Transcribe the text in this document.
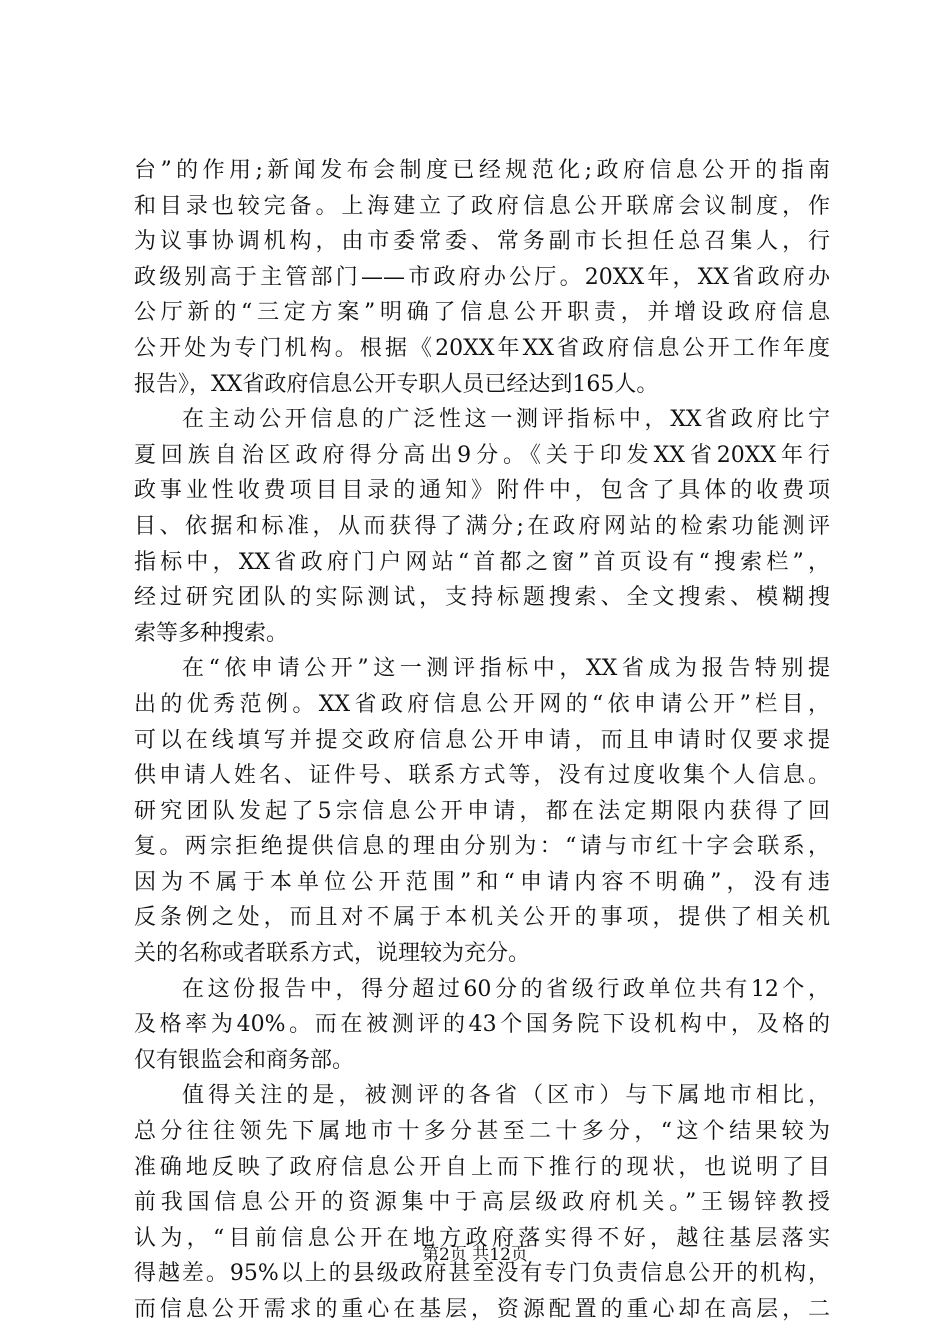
台”的作用;新闻发布会制度已经规范化;政府信息公开的指南
和目录也较完备。上海建立了政府信息公开联席会议制度，作
为议事协调机构，由市委常委、常务副市长担任总召集人，行
政级别高于主管部门——市政府办公厅。20XX年，XX省政府办
公厅新的“三定方案”明确了信息公开职责，并增设政府信息
公开处为专门机构。根据《20XX年XX省政府信息公开工作年度
报告》，XX省政府信息公开专职人员已经达到165人。
在主动公开信息的广泛性这一测评指标中，XX省政府比宁
夏回族自治区政府得分高出9分。《关于印发XX省20XX年行
政事业性收费项目目录的通知》附件中，包含了具体的收费项
目、依据和标准，从而获得了满分;在政府网站的检索功能测评
指标中，XX省政府门户网站“首都之窗”首页设有“搜索栏”，
经过研究团队的实际测试，支持标题搜索、全文搜索、模糊搜
索等多种搜索。
在“依申请公开”这一测评指标中，XX省成为报告特别提
出的优秀范例。XX省政府信息公开网的“依申请公开”栏目，
可以在线填写并提交政府信息公开申请，而且申请时仅要求提
供申请人姓名、证件号、联系方式等，没有过度收集个人信息。
研究团队发起了5宗信息公开申请，都在法定期限内获得了回
复。两宗拒绝提供信息的理由分别为：“请与市红十字会联系，
因为不属于本单位公开范围”和“申请内容不明确”，没有违
反条例之处，而且对不属于本机关公开的事项，提供了相关机
关的名称或者联系方式，说理较为充分。
在这份报告中，得分超过60分的省级行政单位共有12个，
及格率为40%。而在被测评的43个国务院下设机构中，及格的
仅有银监会和商务部。
值得关注的是，被测评的各省（区市）与下属地市相比，
总分往往领先下属地市十多分甚至二十多分，“这个结果较为
准确地反映了政府信息公开自上而下推行的现状，也说明了目
前我国信息公开的资源集中于高层级政府机关。”王锡锌教授
认为，“目前信息公开在地方政府落实得不好，越往基层落实
得越差。95%以上的县级政府甚至没有专门负责信息公开的机构，
而信息公开需求的重心在基层，资源配置的重心却在高层，二
第2页 共12页
